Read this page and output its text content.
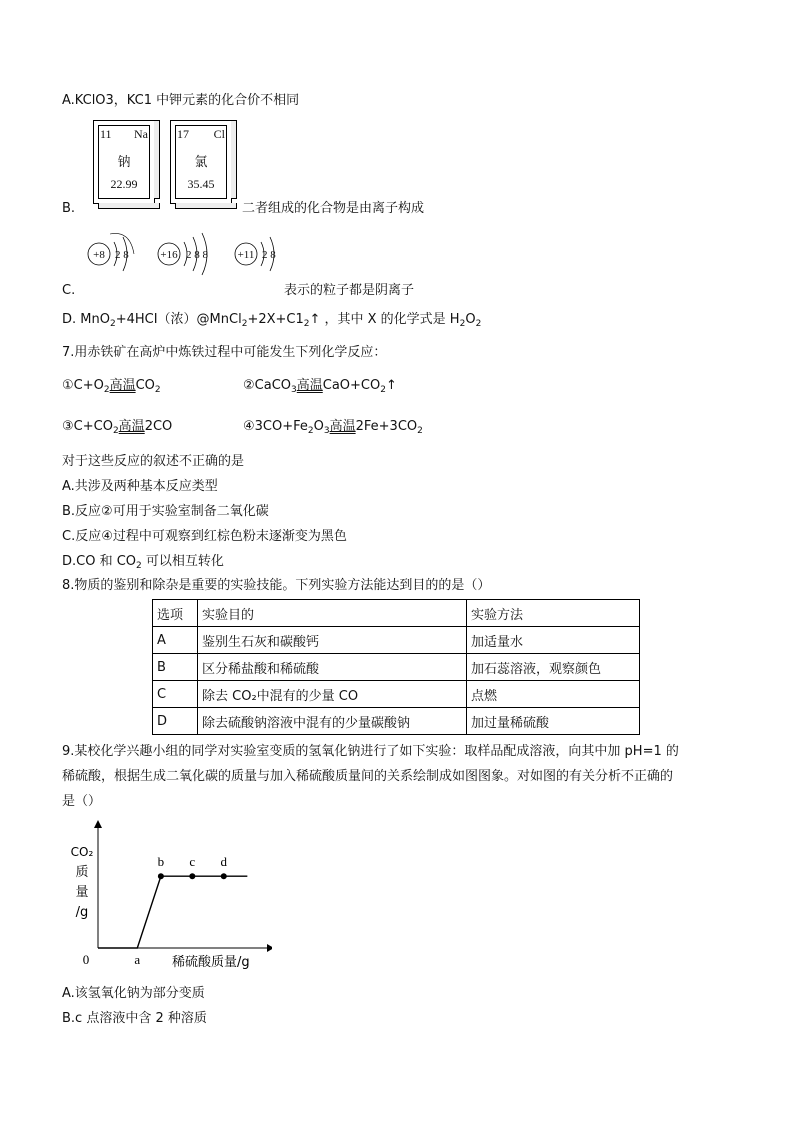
A.KClO3，KC1 中钾元素的化合价不相同
11 Na
钠
22.99
17 Cl
氯
35.45
B.	二者组成的化合物是由离子构成
+8 2 8	+16 2 8 8	+11 2 8
C.	表示的粒子都是阴离子
D. MnO$_2$+4HCI（浓）$@MnCl_2+2X+C1_2↑$ ，其中 X 的化学式是 $H_2O_2$
7.用赤铁矿在高炉中炼铁过程中可能发生下列化学反应：
$①C+O_2$高温$CO_2$	②CaCO$_3$高温$CaO+CO_2↑$
$③C+CO_2$高温2CO	$④3CO+Fe_2O_3$高温$2Fe+3CO_2$
对于这些反应的叙述不正确的是
A.共涉及两种基本反应类型
B.反应②可用于实验室制备二氧化碳
C.反应④过程中可观察到红棕色粉末逐渐变为黑色
D.CO 和 $CO_2$ 可以相互转化
8.物质的鉴别和除杂是重要的实验技能。下列实验方法能达到目的的是（）
选项	实验目的	实验方法
A	鉴别生石灰和碳酸钙	加适量水
B	区分稀盐酸和稀硫酸	加石蕊溶液，观察颜色
C	除去 CO₂中混有的少量 CO	点燃
D	除去硫酸钠溶液中混有的少量碳酸钠	加过量稀硫酸
9.某校化学兴趣小组的同学对实验室变质的氢氧化钠进行了如下实验：取样品配成溶液，向其中加 pH=1 的
稀硫酸，根据生成二氧化碳的质量与加入稀硫酸质量间的关系绘制成如图图象。对如图的有关分析不正确的
是（）
a
b c d
0	稀硫酸质量/g
CO₂
质
量
/g
A.该氢氧化钠为部分变质
B.c 点溶液中含 2 种溶质
